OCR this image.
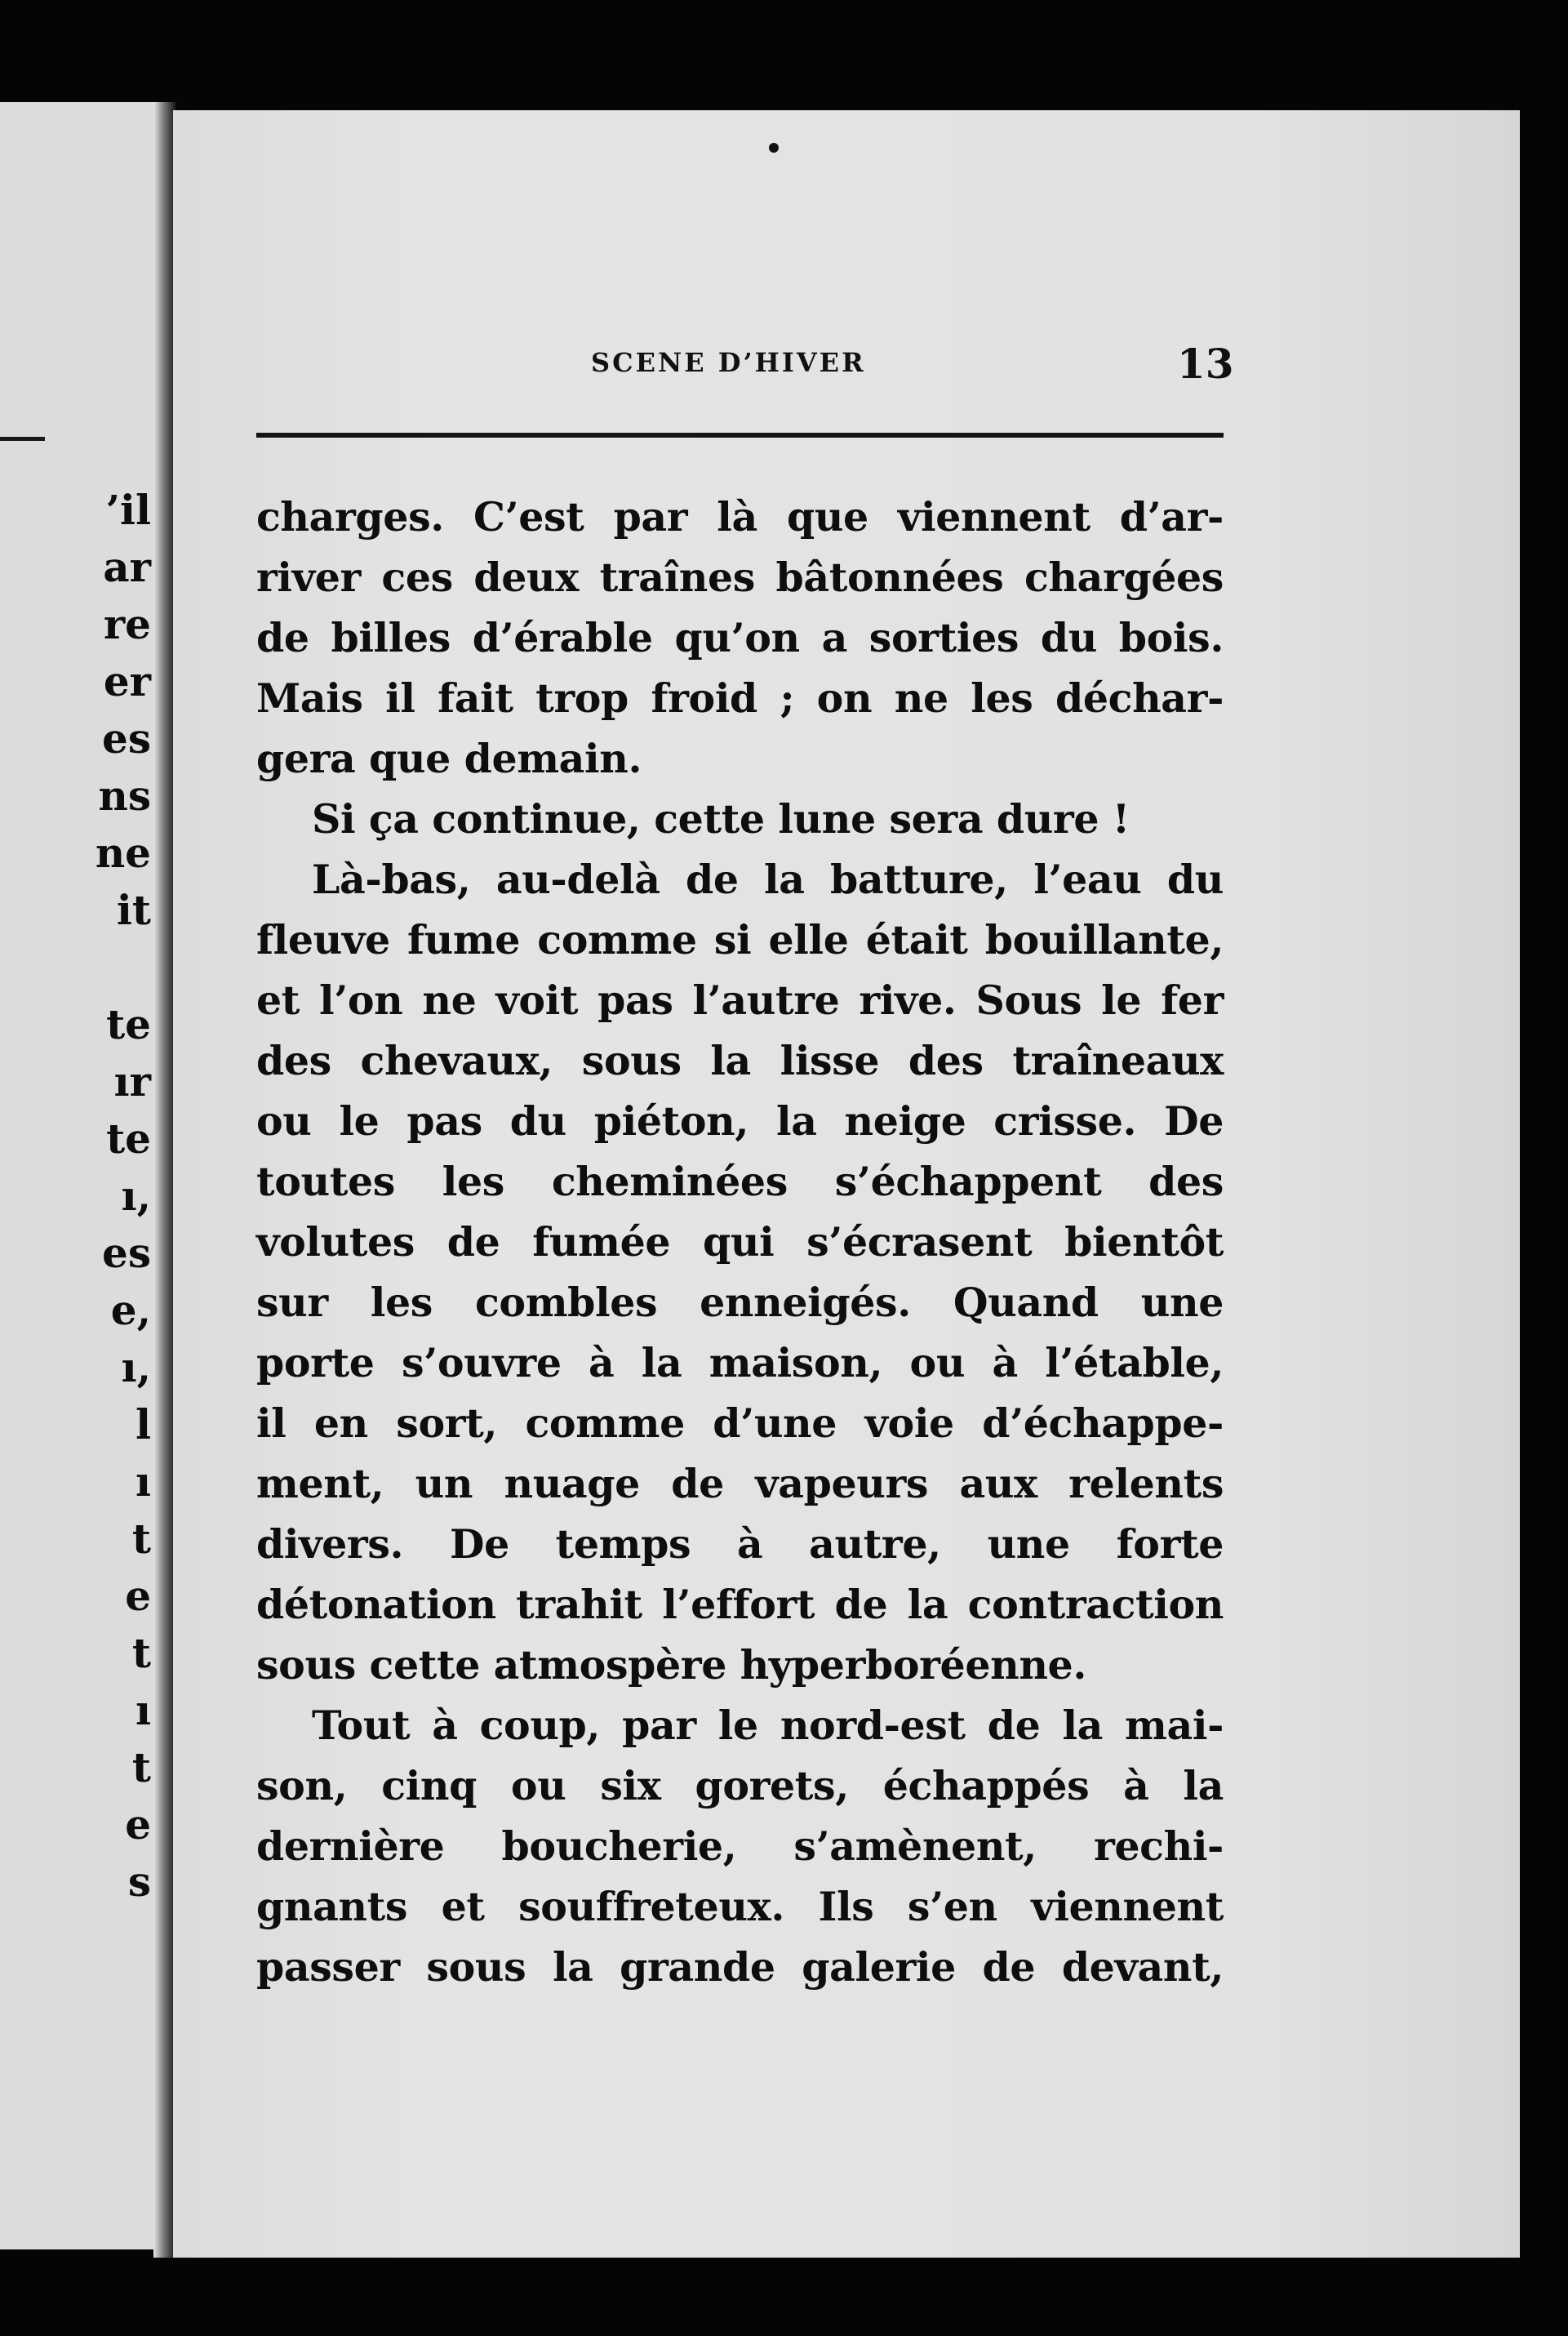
’il
ar
re
er
es
ns
ne
it
te
ır
te
ı,
es
e,
ı,
l
ı
t
e
t
ı
t
e
s
SCENE D’HIVER	13
charges. C’est par là que viennent d’ar-
river ces deux traînes bâtonnées chargées
de billes d’érable qu’on a sorties du bois.
Mais il fait trop froid ; on ne les déchar-
gera que demain.
Si ça continue, cette lune sera dure !
Là-bas, au-delà de la batture, l’eau du
fleuve fume comme si elle était bouillante,
et l’on ne voit pas l’autre rive. Sous le fer
des chevaux, sous la lisse des traîneaux
ou le pas du piéton, la neige crisse. De
toutes les cheminées s’échappent des
volutes de fumée qui s’écrasent bientôt
sur les combles enneigés. Quand une
porte s’ouvre à la maison, ou à l’étable,
il en sort, comme d’une voie d’échappe-
ment, un nuage de vapeurs aux relents
divers. De temps à autre, une forte
détonation trahit l’effort de la contraction
sous cette atmospère hyperboréenne.
Tout à coup, par le nord-est de la mai-
son, cinq ou six gorets, échappés à la
dernière boucherie, s’amènent, rechi-
gnants et souffreteux. Ils s’en viennent
passer sous la grande galerie de devant,
